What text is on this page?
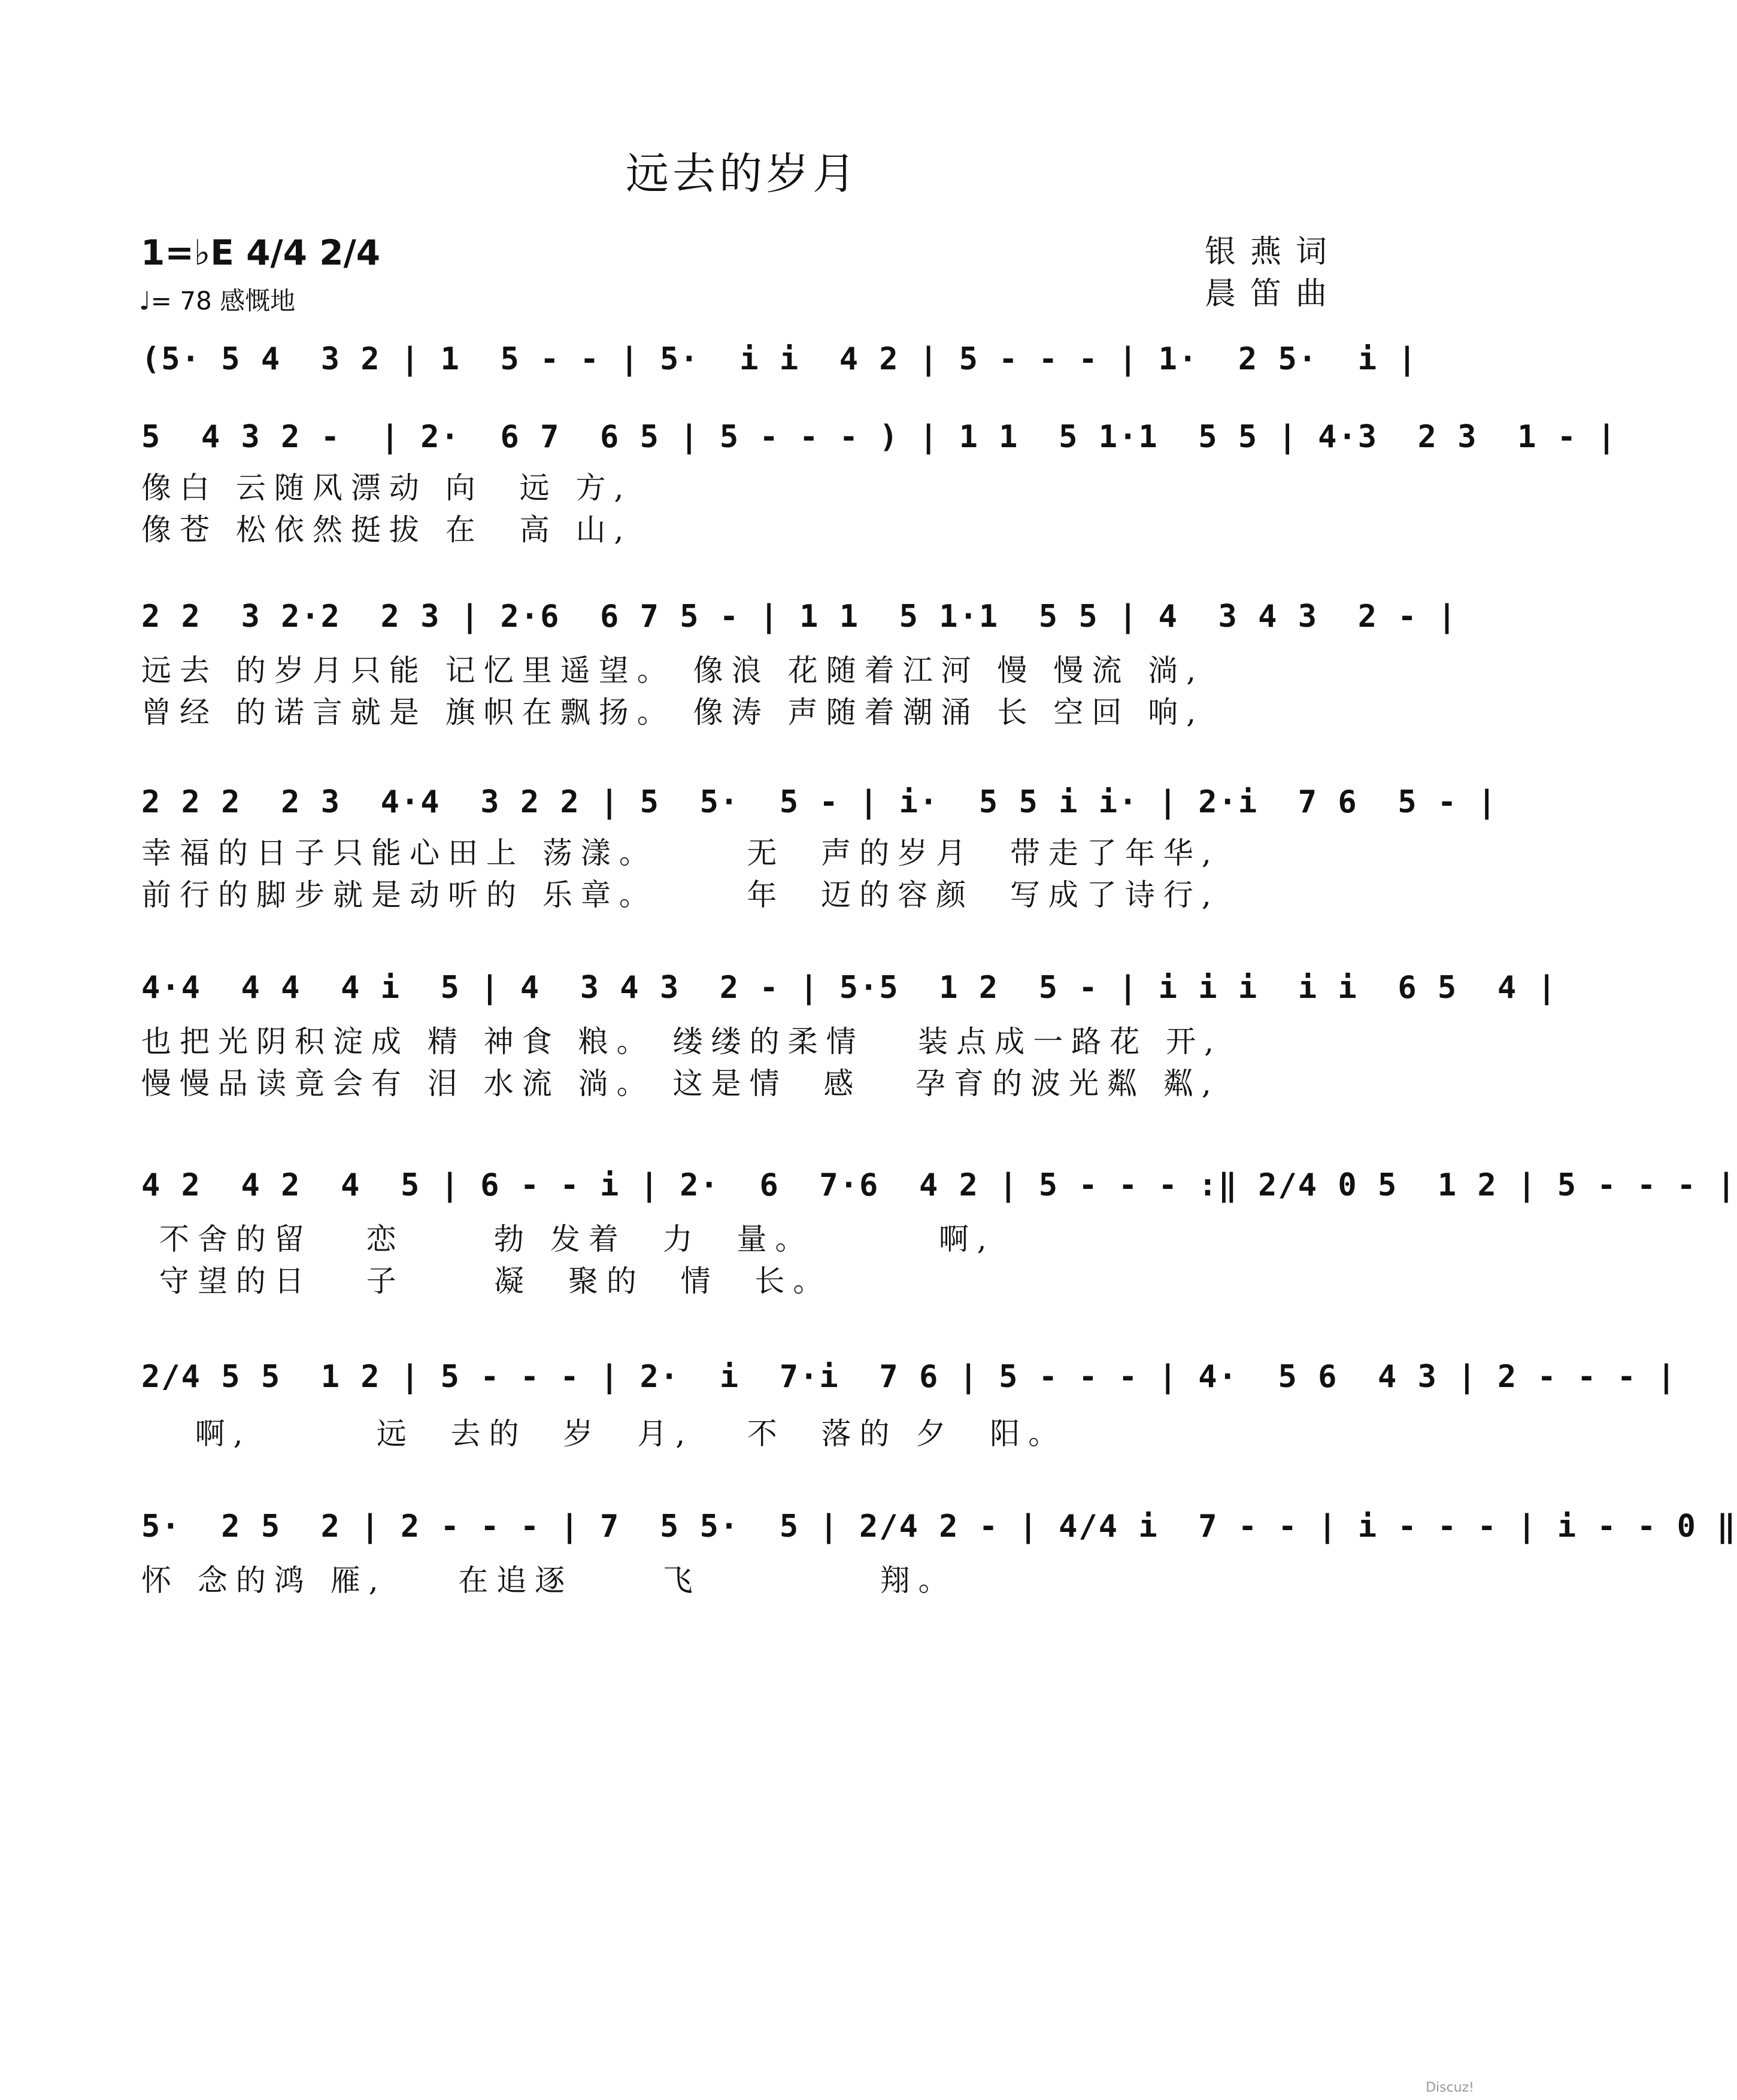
远去的岁月
1=♭E 4/4 2/4
♩= 78 感慨地
银燕词
晨笛曲
(5· 5 4  3 2 | 1  5 - - | 5·  i i  4 2 | 5 - - - | 1·  2 5·  i |
5  4 3 2 -  | 2·  6 7  6 5 | 5 - - - ) | 1 1  5 1·1  5 5 | 4·3  2 3  1 - |
像白 云随风漂动 向  远 方,
像苍 松依然挺拔 在  高 山,
2 2  3 2·2  2 3 | 2·6  6 7 5 - | 1 1  5 1·1  5 5 | 4  3 4 3  2 - |
远去 的岁月只能 记忆里遥望。 像浪 花随着江河 慢 慢流 淌,
曾经 的诺言就是 旗帜在飘扬。 像涛 声随着潮涌 长 空回 响,
2 2 2  2 3  4·4  3 2 2 | 5  5·  5 - | i·  5 5 i i· | 2·i  7 6  5 - |
幸福的日子只能心田上 荡漾。     无  声的岁月  带走了年华,
前行的脚步就是动听的 乐章。     年  迈的容颜  写成了诗行,
4·4  4 4  4 i  5 | 4  3 4 3  2 - | 5·5  1 2  5 - | i i i  i i  6 5  4 |
也把光阴积淀成 精 神食 粮。 缕缕的柔情   装点成一路花 开,
慢慢品读竟会有 泪 水流 淌。 这是情  感   孕育的波光粼 粼,
4 2  4 2  4  5 | 6 - - i | 2·  6  7·6  4 2 | 5 - - - :‖ 2/4 0 5  1 2 | 5 - - - |
不舍的留   恋     勃 发着  力  量。       啊,
守望的日   子     凝  聚的  情  长。
2/4 5 5  1 2 | 5 - - - | 2·  i  7·i  7 6 | 5 - - - | 4·  5 6  4 3 | 2 - - - |
啊,       远  去的  岁  月,   不  落的 夕  阳。
5·  2 5  2 | 2 - - - | 7  5 5·  5 | 2/4 2 - | 4/4 i  7 - - | i - - - | i - - 0 ‖
怀 念的鸿 雁,    在追逐     飞          翔。
Discuz!
